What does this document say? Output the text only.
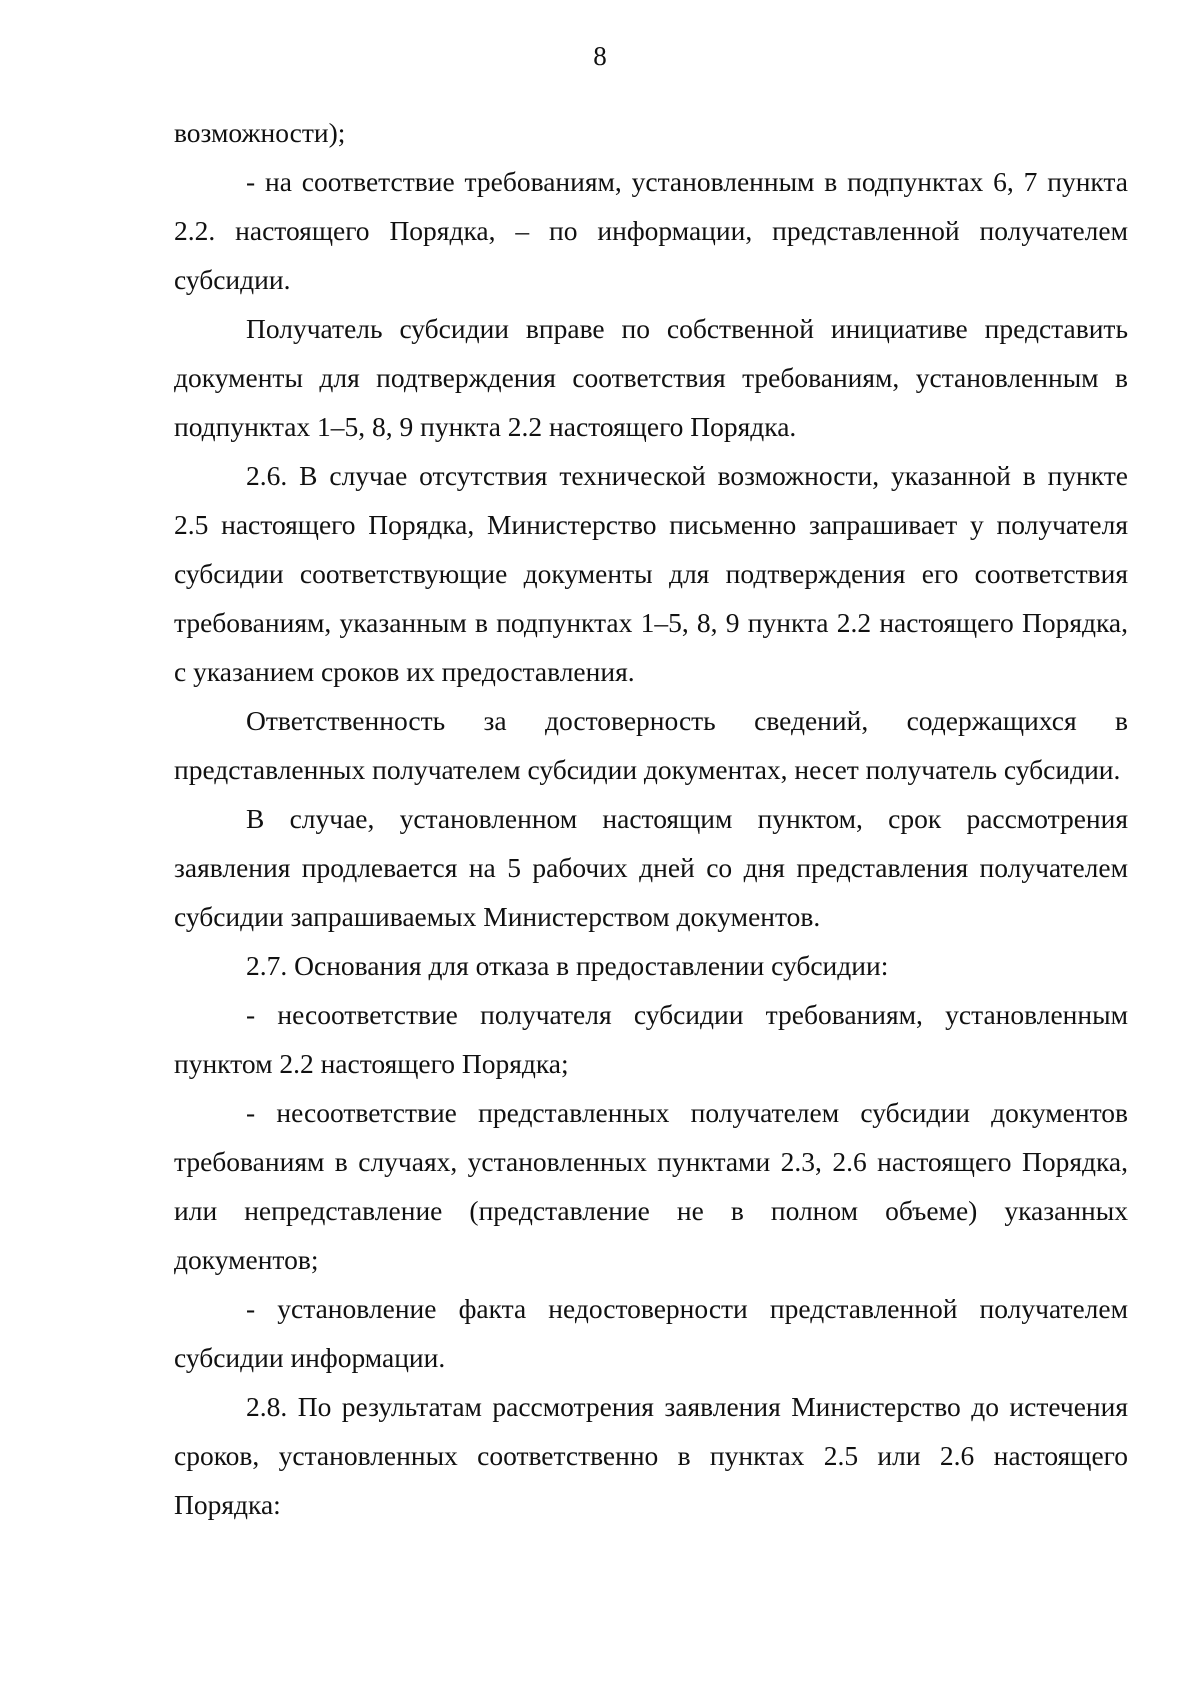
8

возможности);

- на соответствие требованиям, установленным в подпунктах 6, 7 пункта 2.2. настоящего Порядка, – по информации, представленной получателем субсидии.

Получатель субсидии вправе по собственной инициативе представить документы для подтверждения соответствия требованиям, установленным в подпунктах 1–5, 8, 9 пункта 2.2 настоящего Порядка.

2.6. В случае отсутствия технической возможности, указанной в пункте 2.5 настоящего Порядка, Министерство письменно запрашивает у получателя субсидии соответствующие документы для подтверждения его соответствия требованиям, указанным в подпунктах 1–5, 8, 9 пункта 2.2 настоящего Порядка, с указанием сроков их предоставления.

Ответственность за достоверность сведений, содержащихся в представленных получателем субсидии документах, несет получатель субсидии.

В случае, установленном настоящим пунктом, срок рассмотрения заявления продлевается на 5 рабочих дней со дня представления получателем субсидии запрашиваемых Министерством документов.

2.7. Основания для отказа в предоставлении субсидии:

- несоответствие получателя субсидии требованиям, установленным пунктом 2.2 настоящего Порядка;

- несоответствие представленных получателем субсидии документов требованиям в случаях, установленных пунктами 2.3, 2.6 настоящего Порядка, или непредставление (представление не в полном объеме) указанных документов;

- установление факта недостоверности представленной получателем субсидии информации.

2.8. По результатам рассмотрения заявления Министерство до истечения сроков, установленных соответственно в пунктах 2.5 или 2.6 настоящего Порядка:
